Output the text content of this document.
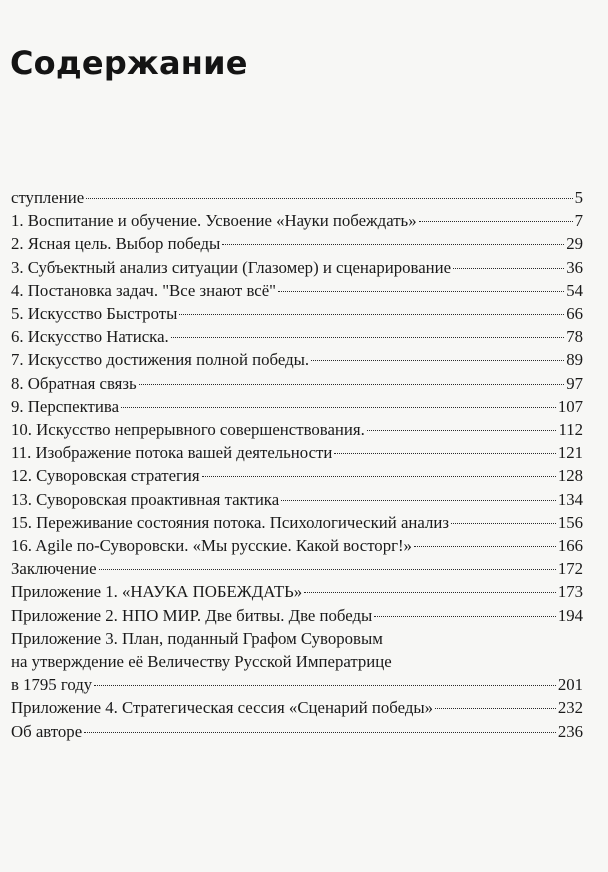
Содержание
ступление	5
1. Воспитание и обучение. Усвоение «Науки побеждать»	7
2. Ясная цель. Выбор победы	29
3. Субъектный анализ ситуации (Глазомер) и сценарирование	36
4. Постановка задач. "Все знают всё"	54
5. Искусство Быстроты	66
6. Искусство Натиска.	78
7. Искусство достижения полной победы.	89
8. Обратная связь	97
9. Перспектива	107
10. Искусство непрерывного совершенствования.	112
11. Изображение потока вашей деятельности	121
12. Суворовская стратегия	128
13. Суворовская проактивная тактика	134
15. Переживание состояния потока. Психологический анализ	156
16. Agile по-Суворовски. «Мы русские. Какой восторг!»	166
Заключение	172
Приложение 1. «НАУКА ПОБЕЖДАТЬ»	173
Приложение 2. НПО МИР. Две битвы. Две победы	194
Приложение 3. План, поданный Графом Суворовым
на утверждение её Величеству Русской Императрице
в 1795 году	201
Приложение 4. Стратегическая сессия «Сценарий победы»	232
Об авторе	236
